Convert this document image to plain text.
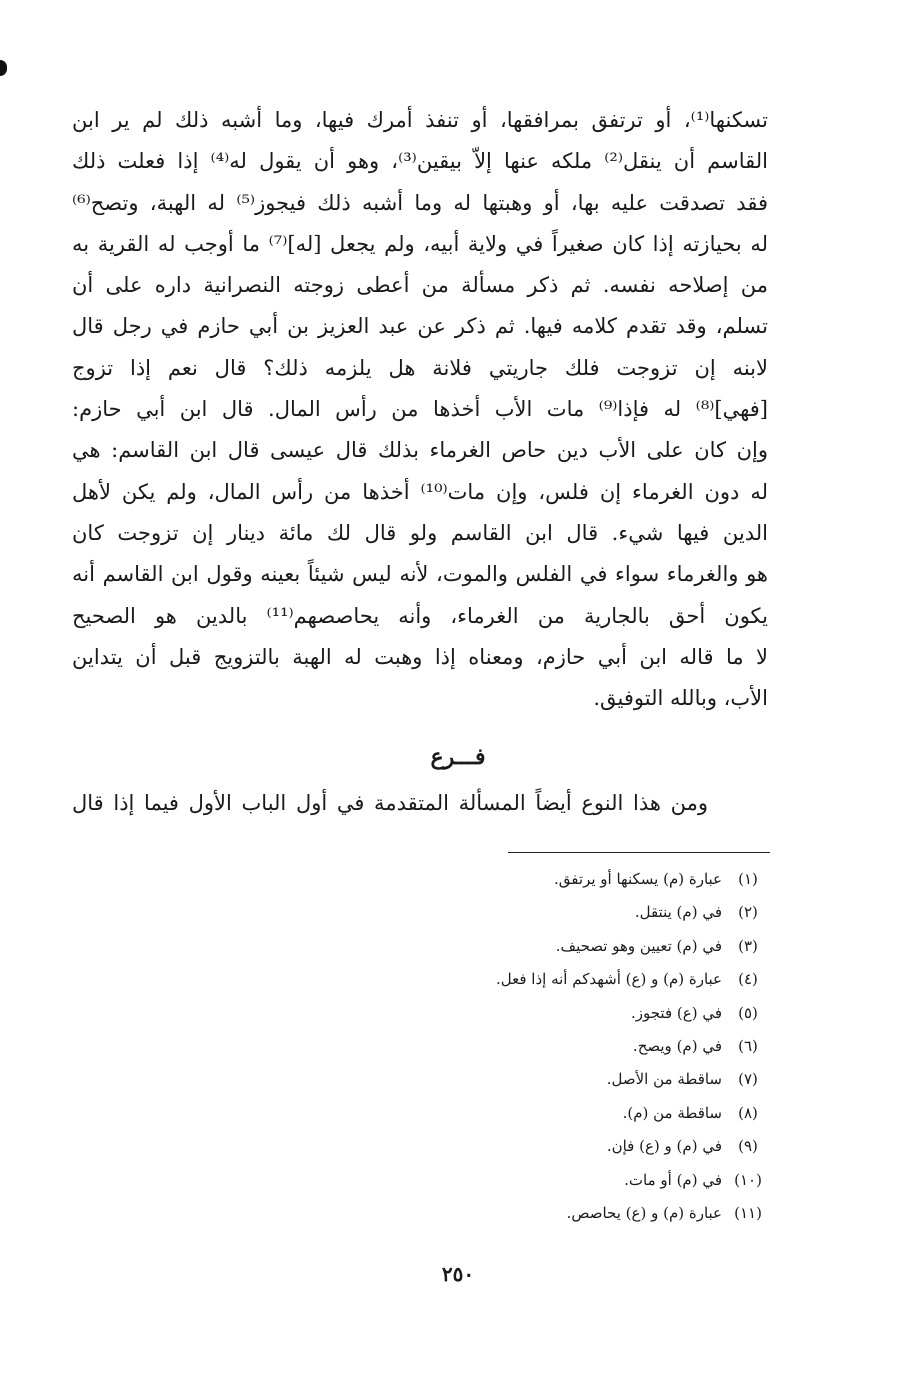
تسكنها⁽¹⁾، أو ترتفق بمرافقها، أو تنفذ أمرك فيها، وما أشبه ذلك لم ير ابن
القاسم أن ينقل⁽²⁾ ملكه عنها إلاّ بيقين⁽³⁾، وهو أن يقول له⁽⁴⁾ إذا فعلت ذلك
فقد تصدقت عليه بها، أو وهبتها له وما أشبه ذلك فيجوز⁽⁵⁾ له الهبة، وتصح⁽⁶⁾
له بحيازته إذا كان صغيراً في ولاية أبيه، ولم يجعل [له]⁽⁷⁾ ما أوجب له القرية به
من إصلاحه نفسه. ثم ذكر مسألة من أعطى زوجته النصرانية داره على أن
تسلم، وقد تقدم كلامه فيها. ثم ذكر عن عبد العزيز بن أبي حازم في رجل قال
لابنه إن تزوجت فلك جاريتي فلانة هل يلزمه ذلك؟ قال نعم إذا تزوج
[فهي]⁽⁸⁾ له فإذا⁽⁹⁾ مات الأب أخذها من رأس المال. قال ابن أبي حازم:
وإن كان على الأب دين حاص الغرماء بذلك قال عيسى قال ابن القاسم: هي
له دون الغرماء إن فلس، وإن مات⁽¹⁰⁾ أخذها من رأس المال، ولم يكن لأهل
الدين فيها شيء. قال ابن القاسم ولو قال لك مائة دينار إن تزوجت كان
هو والغرماء سواء في الفلس والموت، لأنه ليس شيئاً بعينه وقول ابن القاسم أنه
يكون أحق بالجارية من الغرماء، وأنه يحاصصهم⁽¹¹⁾ بالدين هو الصحيح
لا ما قاله ابن أبي حازم، ومعناه إذا وهبت له الهبة بالتزويج قبل أن يتداين
الأب، وبالله التوفيق.
فـــرع

ومن هذا النوع أيضاً المسألة المتقدمة في أول الباب الأول فيما إذا قال

(١)عبارة (م) يسكنها أو يرتفق.
(٢)في (م) ينتقل.
(٣)في (م) تعيين وهو تصحيف.
(٤)عبارة (م) و (ع) أشهدكم أنه إذا فعل.
(٥)في (ع) فتجوز.
(٦)في (م) ويصح.
(٧)ساقطة من الأصل.
(٨)ساقطة من (م).
(٩)في (م) و (ع) فإن.
(١٠)في (م) أو مات.
(١١)عبارة (م) و (ع) يحاصص.
٢٥٠
